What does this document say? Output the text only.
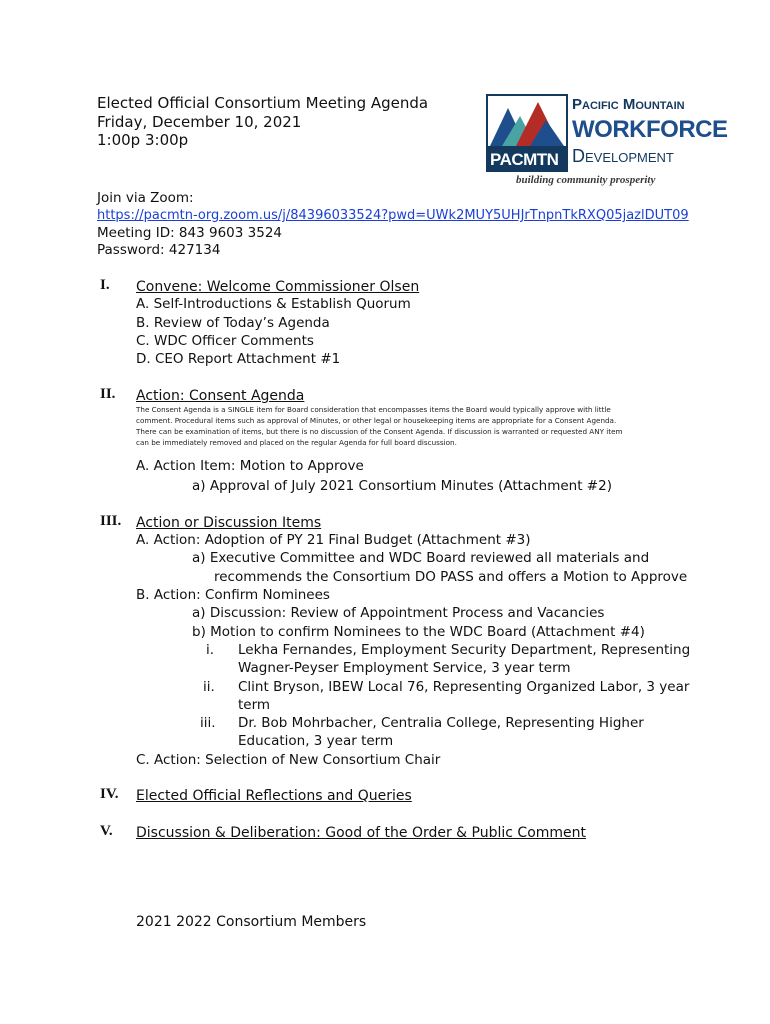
Elected Official Consortium Meeting Agenda
Friday, December 10, 2021
1:00p 3:00p
PACMTN
Pacific Mountain
WORKFORCE
Development
building community prosperity
Join via Zoom:
https://pacmtn-org.zoom.us/j/84396033524?pwd=UWk2MUY5UHJrTnpnTkRXQ05jazlDUT09
Meeting ID: 843 9603 3524
Password: 427134
I. Convene: Welcome Commissioner Olsen
A. Self-Introductions & Establish Quorum
B. Review of Today’s Agenda
C. WDC Officer Comments
D. CEO Report Attachment #1
II. Action: Consent Agenda
The Consent Agenda is a SINGLE item for Board consideration that encompasses items the Board would typically approve with little
comment. Procedural items such as approval of Minutes, or other legal or housekeeping items are appropriate for a Consent Agenda.
There can be examination of items, but there is no discussion of the Consent Agenda. If discussion is warranted or requested ANY item
can be immediately removed and placed on the regular Agenda for full board discussion.
A. Action Item: Motion to Approve
a) Approval of July 2021 Consortium Minutes (Attachment #2)
III. Action or Discussion Items
A. Action: Adoption of PY 21 Final Budget (Attachment #3)
a) Executive Committee and WDC Board reviewed all materials and
recommends the Consortium DO PASS and offers a Motion to Approve
B. Action: Confirm Nominees
a) Discussion: Review of Appointment Process and Vacancies
b) Motion to confirm Nominees to the WDC Board (Attachment #4)
i. Lekha Fernandes, Employment Security Department, Representing
Wagner-Peyser Employment Service, 3 year term
ii. Clint Bryson, IBEW Local 76, Representing Organized Labor, 3 year
term
iii. Dr. Bob Mohrbacher, Centralia College, Representing Higher
Education, 3 year term
C. Action: Selection of New Consortium Chair
IV. Elected Official Reflections and Queries
V. Discussion & Deliberation: Good of the Order & Public Comment
2021 2022 Consortium Members
